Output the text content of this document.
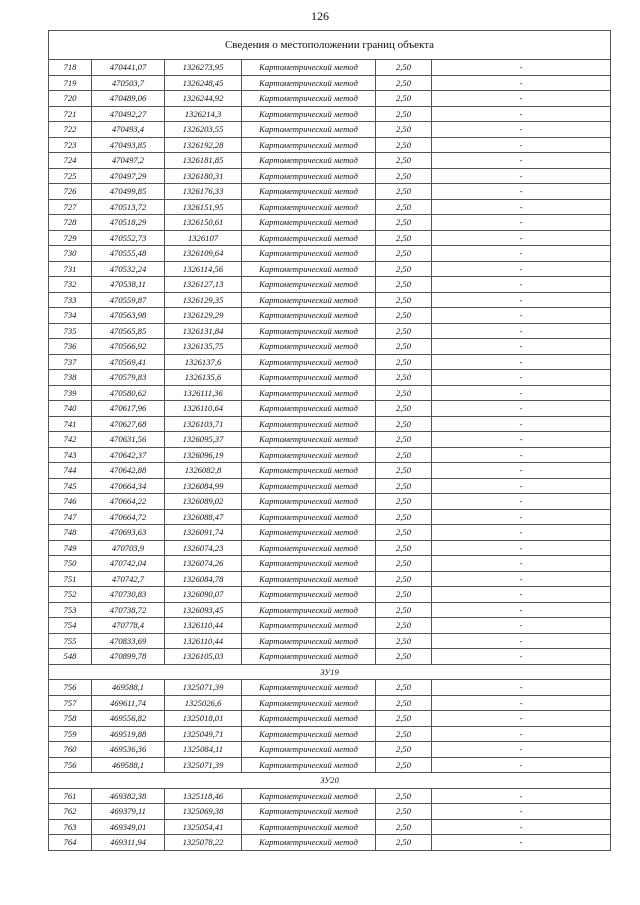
126
Сведения о местоположении границ объекта					
718	470441,07	1326273,95	Картометрический метод	2,50	-
719	470503,7	1326248,45	Картометрический метод	2,50	-
720	470489,06	1326244,92	Картометрический метод	2,50	-
721	470492,27	1326214,3	Картометрический метод	2,50	-
722	470493,4	1326203,55	Картометрический метод	2,50	-
723	470493,85	1326192,28	Картометрический метод	2,50	-
724	470497,2	1326181,85	Картометрический метод	2,50	-
725	470497,29	1326180,31	Картометрический метод	2,50	-
726	470499,85	1326176,33	Картометрический метод	2,50	-
727	470513,72	1326151,95	Картометрический метод	2,50	-
728	470518,29	1326150,61	Картометрический метод	2,50	-
729	470552,73	1326107	Картометрический метод	2,50	-
730	470555,48	1326109,64	Картометрический метод	2,50	-
731	470532,24	1326114,56	Картометрический метод	2,50	-
732	470538,11	1326127,13	Картометрический метод	2,50	-
733	470559,87	1326129,35	Картометрический метод	2,50	-
734	470563,98	1326129,29	Картометрический метод	2,50	-
735	470565,85	1326131,84	Картометрический метод	2,50	-
736	470566,92	1326135,75	Картометрический метод	2,50	-
737	470569,41	1326137,6	Картометрический метод	2,50	-
738	470579,83	1326135,6	Картометрический метод	2,50	-
739	470580,62	1326111,36	Картометрический метод	2,50	-
740	470617,96	1326110,64	Картометрический метод	2,50	-
741	470627,68	1326103,71	Картометрический метод	2,50	-
742	470631,56	1326095,37	Картометрический метод	2,50	-
743	470642,37	1326096,19	Картометрический метод	2,50	-
744	470642,88	1326082,8	Картометрический метод	2,50	-
745	470664,34	1326084,99	Картометрический метод	2,50	-
746	470664,22	1326089,02	Картометрический метод	2,50	-
747	470664,72	1326088,47	Картометрический метод	2,50	-
748	470693,63	1326091,74	Картометрический метод	2,50	-
749	470703,9	1326074,23	Картометрический метод	2,50	-
750	470742,04	1326074,26	Картометрический метод	2,50	-
751	470742,7	1326084,78	Картометрический метод	2,50	-
752	470730,83	1326090,07	Картометрический метод	2,50	-
753	470738,72	1326093,45	Картометрический метод	2,50	-
754	470778,4	1326110,44	Картометрический метод	2,50	-
755	470833,69	1326110,44	Картометрический метод	2,50	-
548	470899,78	1326105,03	Картометрический метод	2,50	-
ЗУ19					
756	469588,1	1325071,39	Картометрический метод	2,50	-
757	469611,74	1325026,6	Картометрический метод	2,50	-
758	469556,82	1325018,01	Картометрический метод	2,50	-
759	469519,88	1325049,71	Картометрический метод	2,50	-
760	469536,36	1325084,11	Картометрический метод	2,50	-
756	469588,1	1325071,39	Картометрический метод	2,50	-
ЗУ20					
761	469382,38	1325118,46	Картометрический метод	2,50	-
762	469379,11	1325069,38	Картометрический метод	2,50	-
763	469349,01	1325054,41	Картометрический метод	2,50	-
764	469311,94	1325078,22	Картометрический метод	2,50	-
